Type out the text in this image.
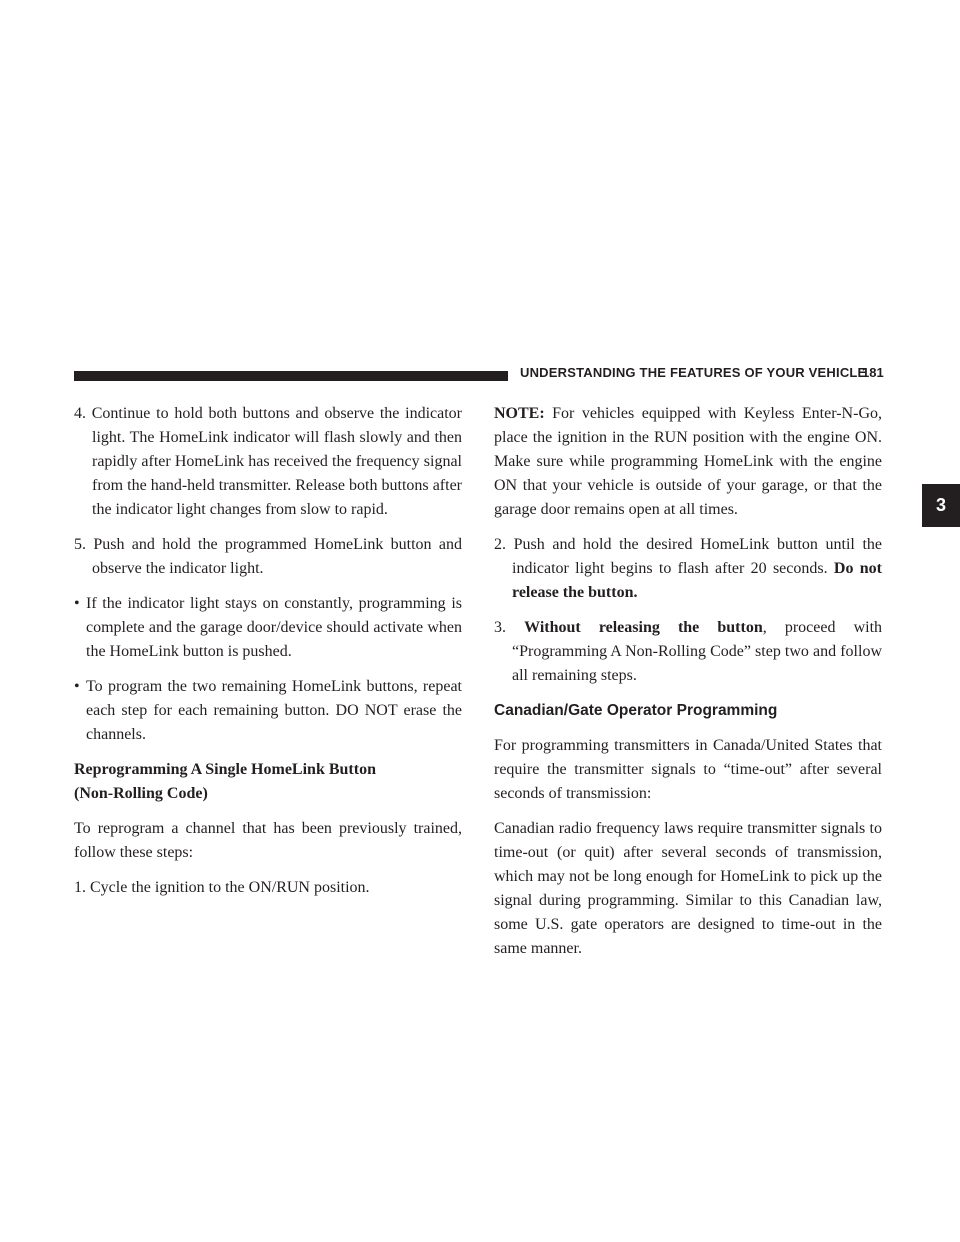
UNDERSTANDING THE FEATURES OF YOUR VEHICLE
181
3

4. Continue to hold both buttons and observe the indicator light. The HomeLink indicator will flash slowly and then rapidly after HomeLink has received the frequency signal from the hand-held transmitter. Release both buttons after the indicator light changes from slow to rapid.

5. Push and hold the programmed HomeLink button and observe the indicator light.

• If the indicator light stays on constantly, programming is complete and the garage door/device should activate when the HomeLink button is pushed.

• To program the two remaining HomeLink buttons, repeat each step for each remaining button. DO NOT erase the channels.

Reprogramming A Single HomeLink Button
(Non-Rolling Code)

To reprogram a channel that has been previously trained, follow these steps:

1. Cycle the ignition to the ON/RUN position.

NOTE: For vehicles equipped with Keyless Enter-N-Go, place the ignition in the RUN position with the engine ON. Make sure while programming HomeLink with the engine ON that your vehicle is outside of your garage, or that the garage door remains open at all times.

2. Push and hold the desired HomeLink button until the indicator light begins to flash after 20 seconds. Do not release the button.

3. Without releasing the button, proceed with “Programming A Non-Rolling Code” step two and follow all remaining steps.

Canadian/Gate Operator Programming

For programming transmitters in Canada/United States that require the transmitter signals to “time-out” after several seconds of transmission:

Canadian radio frequency laws require transmitter signals to time-out (or quit) after several seconds of transmission, which may not be long enough for HomeLink to pick up the signal during programming. Similar to this Canadian law, some U.S. gate operators are designed to time-out in the same manner.
